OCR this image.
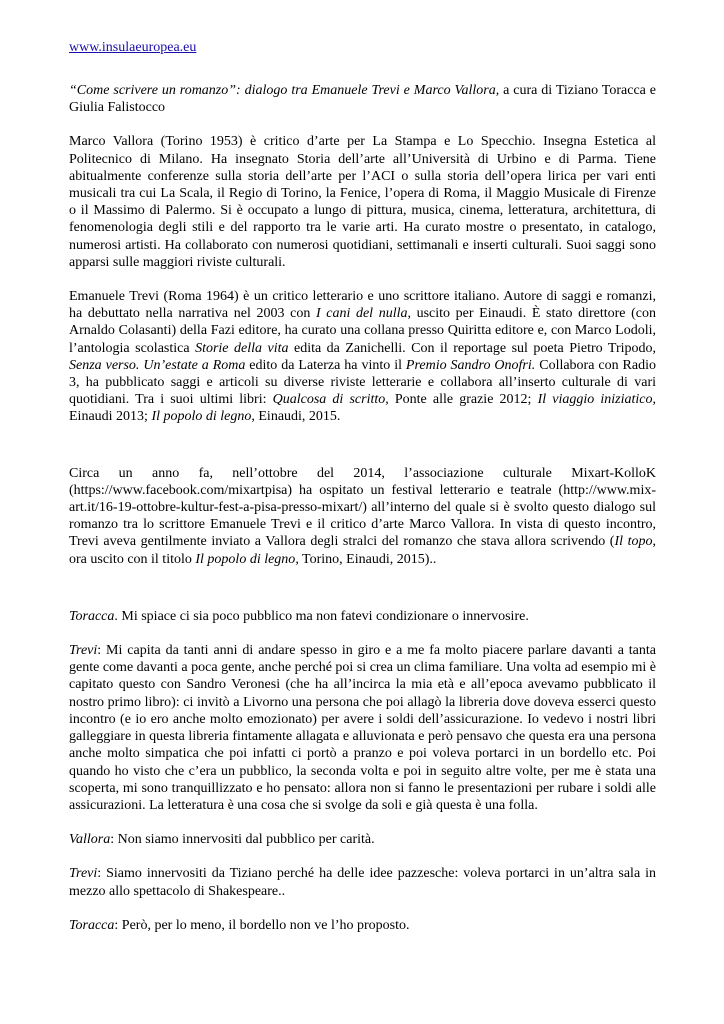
www.insulaeuropea.eu

“Come scrivere un romanzo”: dialogo tra Emanuele Trevi e Marco Vallora, a cura di Tiziano Toracca e Giulia Falistocco

Marco Vallora (Torino 1953) è critico d’arte per La Stampa e Lo Specchio. Insegna Estetica al Politecnico di Milano. Ha insegnato Storia dell’arte all’Università di Urbino e di Parma. Tiene abitualmente conferenze sulla storia dell’arte per l’ACI o sulla storia dell’opera lirica per vari enti musicali tra cui La Scala, il Regio di Torino, la Fenice, l’opera di Roma, il Maggio Musicale di Firenze o il Massimo di Palermo. Si è occupato a lungo di pittura, musica, cinema, letteratura, architettura, di fenomenologia degli stili e del rapporto tra le varie arti. Ha curato mostre o presentato, in catalogo, numerosi artisti. Ha collaborato con numerosi quotidiani, settimanali e inserti culturali. Suoi saggi sono apparsi sulle maggiori riviste culturali.

Emanuele Trevi (Roma 1964) è un critico letterario e uno scrittore italiano. Autore di saggi e romanzi, ha debuttato nella narrativa nel 2003 con I cani del nulla, uscito per Einaudi. È stato direttore (con Arnaldo Colasanti) della Fazi editore, ha curato una collana presso Quiritta editore e, con Marco Lodoli, l’antologia scolastica Storie della vita edita da Zanichelli. Con il reportage sul poeta Pietro Tripodo, Senza verso. Un’estate a Roma edito da Laterza ha vinto il Premio Sandro Onofri. Collabora con Radio 3, ha pubblicato saggi e articoli su diverse riviste letterarie e collabora all’inserto culturale di vari quotidiani. Tra i suoi ultimi libri: Qualcosa di scritto, Ponte alle grazie 2012; Il viaggio iniziatico, Einaudi 2013; Il popolo di legno, Einaudi, 2015.

Circa un anno fa, nell’ottobre del 2014, l’associazione culturale Mixart-KolloK (https://www.facebook.com/mixartpisa) ha ospitato un festival letterario e teatrale (http://www.mix-art.it/16-19-ottobre-kultur-fest-a-pisa-presso-mixart/) all’interno del quale si è svolto questo dialogo sul romanzo tra lo scrittore Emanuele Trevi e il critico d’arte Marco Vallora. In vista di questo incontro, Trevi aveva gentilmente inviato a Vallora degli stralci del romanzo che stava allora scrivendo (Il topo, ora uscito con il titolo Il popolo di legno, Torino, Einaudi, 2015)..

Toracca. Mi spiace ci sia poco pubblico ma non fatevi condizionare o innervosire.

Trevi: Mi capita da tanti anni di andare spesso in giro e a me fa molto piacere parlare davanti a tanta gente come davanti a poca gente, anche perché poi si crea un clima familiare. Una volta ad esempio mi è capitato questo con Sandro Veronesi (che ha all’incirca la mia età e all’epoca avevamo pubblicato il nostro primo libro): ci invitò a Livorno una persona che poi allagò la libreria dove doveva esserci questo incontro (e io ero anche molto emozionato) per avere i soldi dell’assicurazione. Io vedevo i nostri libri galleggiare in questa libreria fintamente allagata e alluvionata e però pensavo che questa era una persona anche molto simpatica che poi infatti ci portò a pranzo e poi voleva portarci in un bordello etc. Poi quando ho visto che c’era un pubblico, la seconda volta e poi in seguito altre volte, per me è stata una scoperta, mi sono tranquillizzato e ho pensato: allora non si fanno le presentazioni per rubare i soldi alle assicurazioni. La letteratura è una cosa che si svolge da soli e già questa è una folla.

Vallora: Non siamo innervositi dal pubblico per carità.

Trevi: Siamo innervositi da Tiziano perché ha delle idee pazzesche: voleva portarci in un’altra sala in mezzo allo spettacolo di Shakespeare..

Toracca: Però, per lo meno, il bordello non ve l’ho proposto.
